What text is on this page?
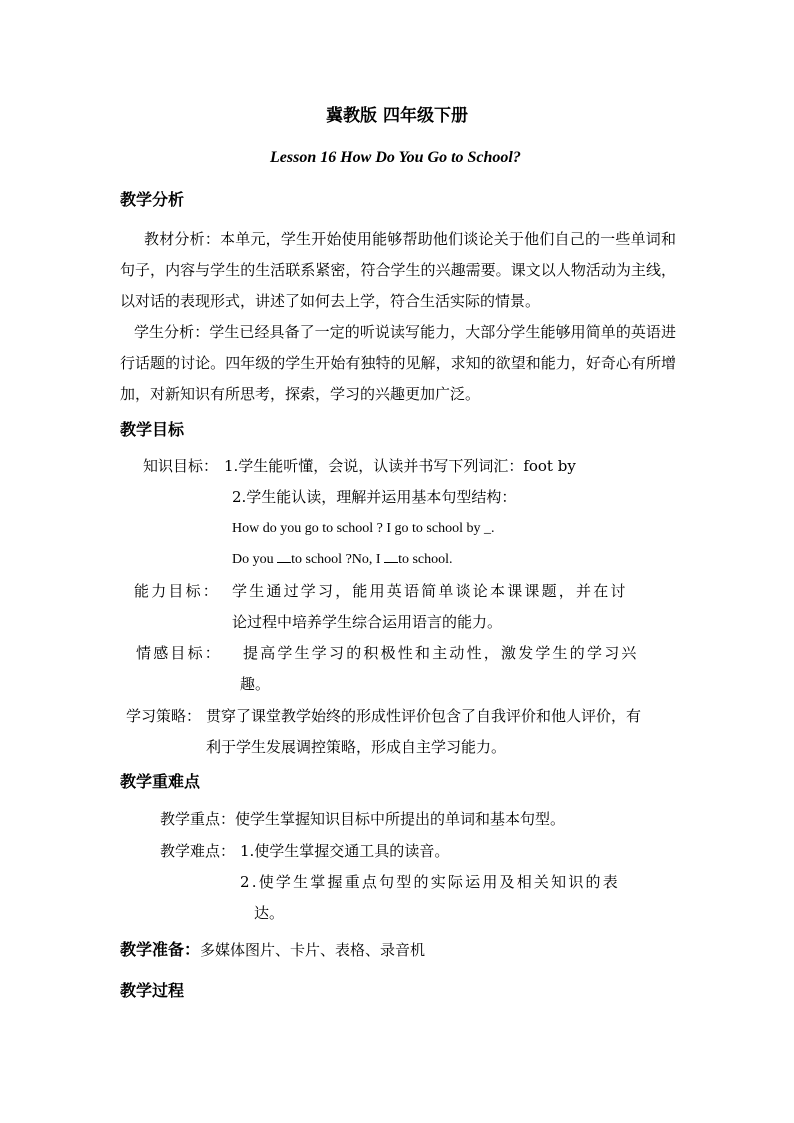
冀教版 四年级下册
Lesson 16 How Do You Go to School?
教学分析

教材分析：本单元，学生开始使用能够帮助他们谈论关于他们自己的一些单词和句子，内容与学生的生活联系紧密，符合学生的兴趣需要。课文以人物活动为主线，以对话的表现形式，讲述了如何去上学，符合生活实际的情景。

学生分析：学生已经具备了一定的听说读写能力，大部分学生能够用简单的英语进行话题的讨论。四年级的学生开始有独特的见解，求知的欲望和能力，好奇心有所增加，对新知识有所思考，探索，学习的兴趣更加广泛。

教学目标
知识目标： 1.学生能听懂，会说，认读并书写下列词汇：foot by
2.学生能认读，理解并运用基本句型结构：
How do you go to school ? I go to school by _.
Do you to school ?No, I to school.
能力目标： 学生通过学习，能用英语简单谈论本课课题，并在讨
论过程中培养学生综合运用语言的能力。
情感目标： 提高学生学习的积极性和主动性，激发学生的学习兴
趣。
学习策略： 贯穿了课堂教学始终的形成性评价包含了自我评价和他人评价，有
利于学生发展调控策略，形成自主学习能力。
教学重难点
教学重点：使学生掌握知识目标中所提出的单词和基本句型。
教学难点： 1.使学生掌握交通工具的读音。
2.使学生掌握重点句型的实际运用及相关知识的表
达。
教学准备：多媒体图片、卡片、表格、录音机
教学过程
